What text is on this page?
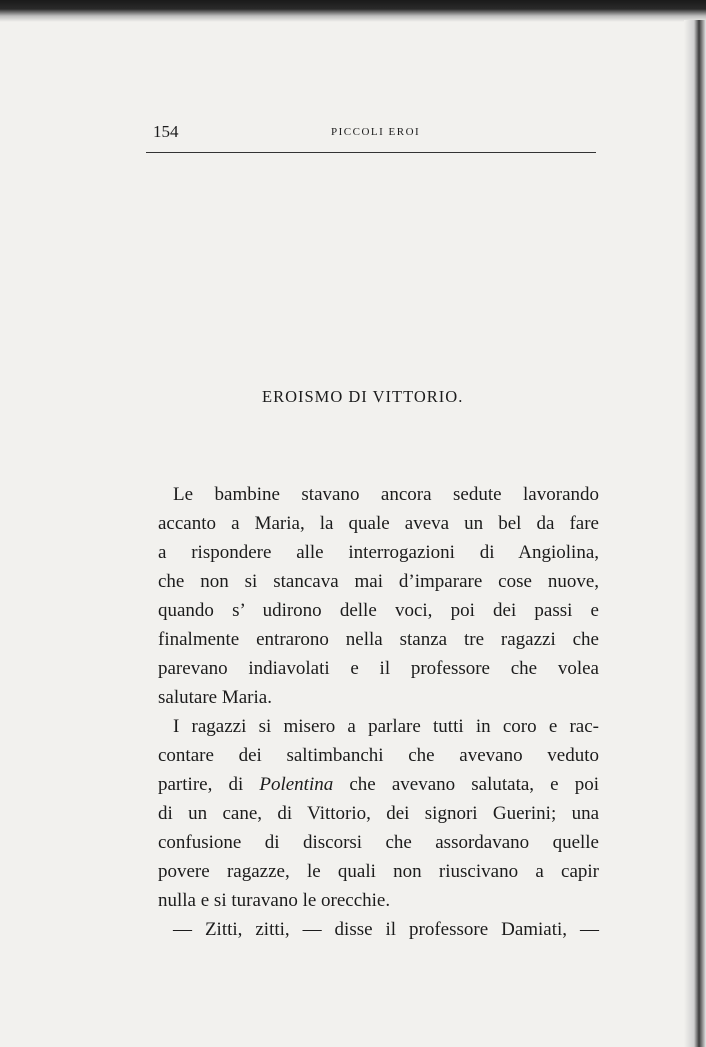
154	PICCOLI EROI
EROISMO DI VITTORIO.
Le bambine stavano ancora sedute lavorando
accanto a Maria, la quale aveva un bel da fare
a rispondere alle interrogazioni di Angiolina,
che non si stancava mai d’imparare cose nuove,
quando s’ udirono delle voci, poi dei passi e
finalmente entrarono nella stanza tre ragazzi che
parevano indiavolati e il professore che volea
salutare Maria.
I ragazzi si misero a parlare tutti in coro e rac-
contare dei saltimbanchi che avevano veduto
partire, di Polentina che avevano salutata, e poi
di un cane, di Vittorio, dei signori Guerini; una
confusione di discorsi che assordavano quelle
povere ragazze, le quali non riuscivano a capir
nulla e si turavano le orecchie.
— Zitti, zitti, — disse il professore Damiati, —
